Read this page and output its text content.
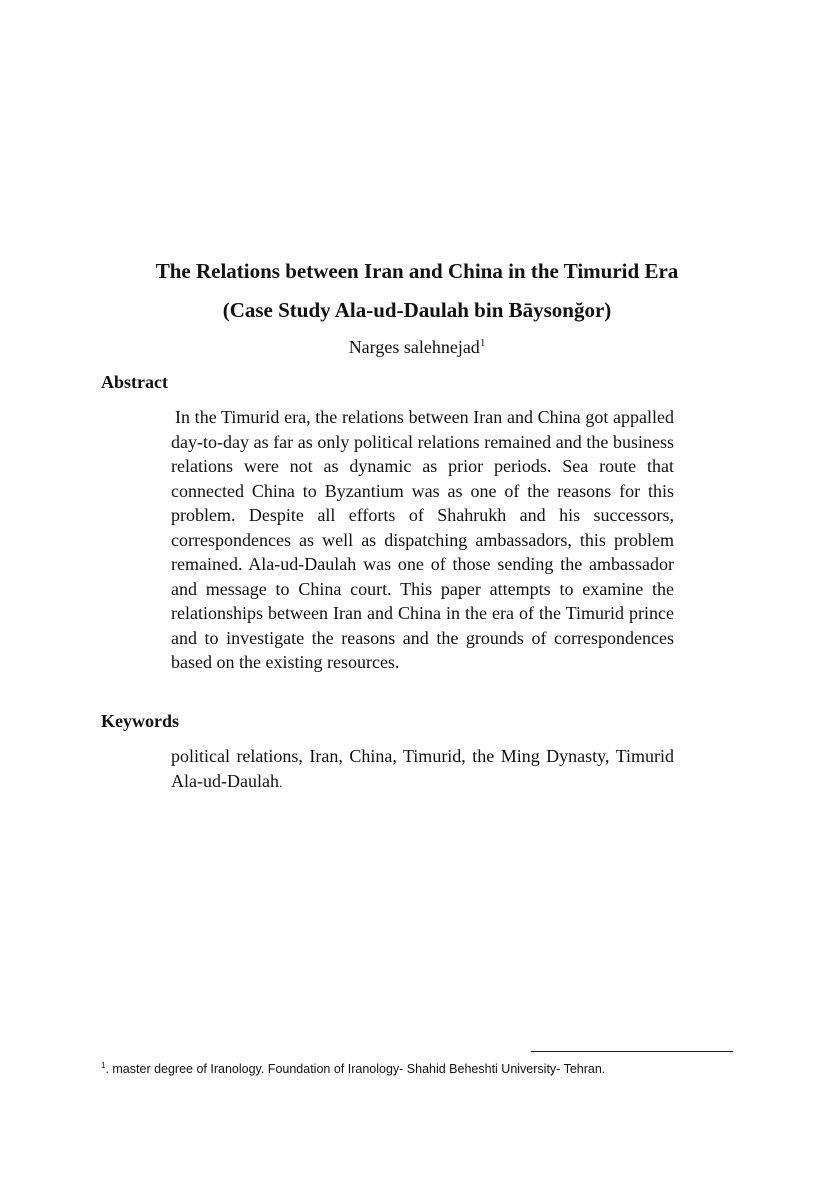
The Relations between Iran and China in the Timurid Era
(Case Study Ala-ud-Daulah bin Bāysonğor)

Narges salehnejad$^1$

Abstract

In the Timurid era, the relations between Iran and China got appalled day-to-day as far as only political relations remained and the business relations were not as dynamic as prior periods. Sea route that connected China to Byzantium was as one of the reasons for this problem. Despite all efforts of Shahrukh and his successors, correspondences as well as dispatching ambassadors, this problem remained. Ala-ud-Daulah was one of those sending the ambassador and message to China court. This paper attempts to examine the relationships between Iran and China in the era of the Timurid prince and to investigate the reasons and the grounds of correspondences based on the existing resources.

Keywords

political relations, Iran, China, Timurid, the Ming Dynasty, Timurid Ala-ud-Daulah.

$^1$. master degree of Iranology. Foundation of Iranology- Shahid Beheshti University- Tehran.
